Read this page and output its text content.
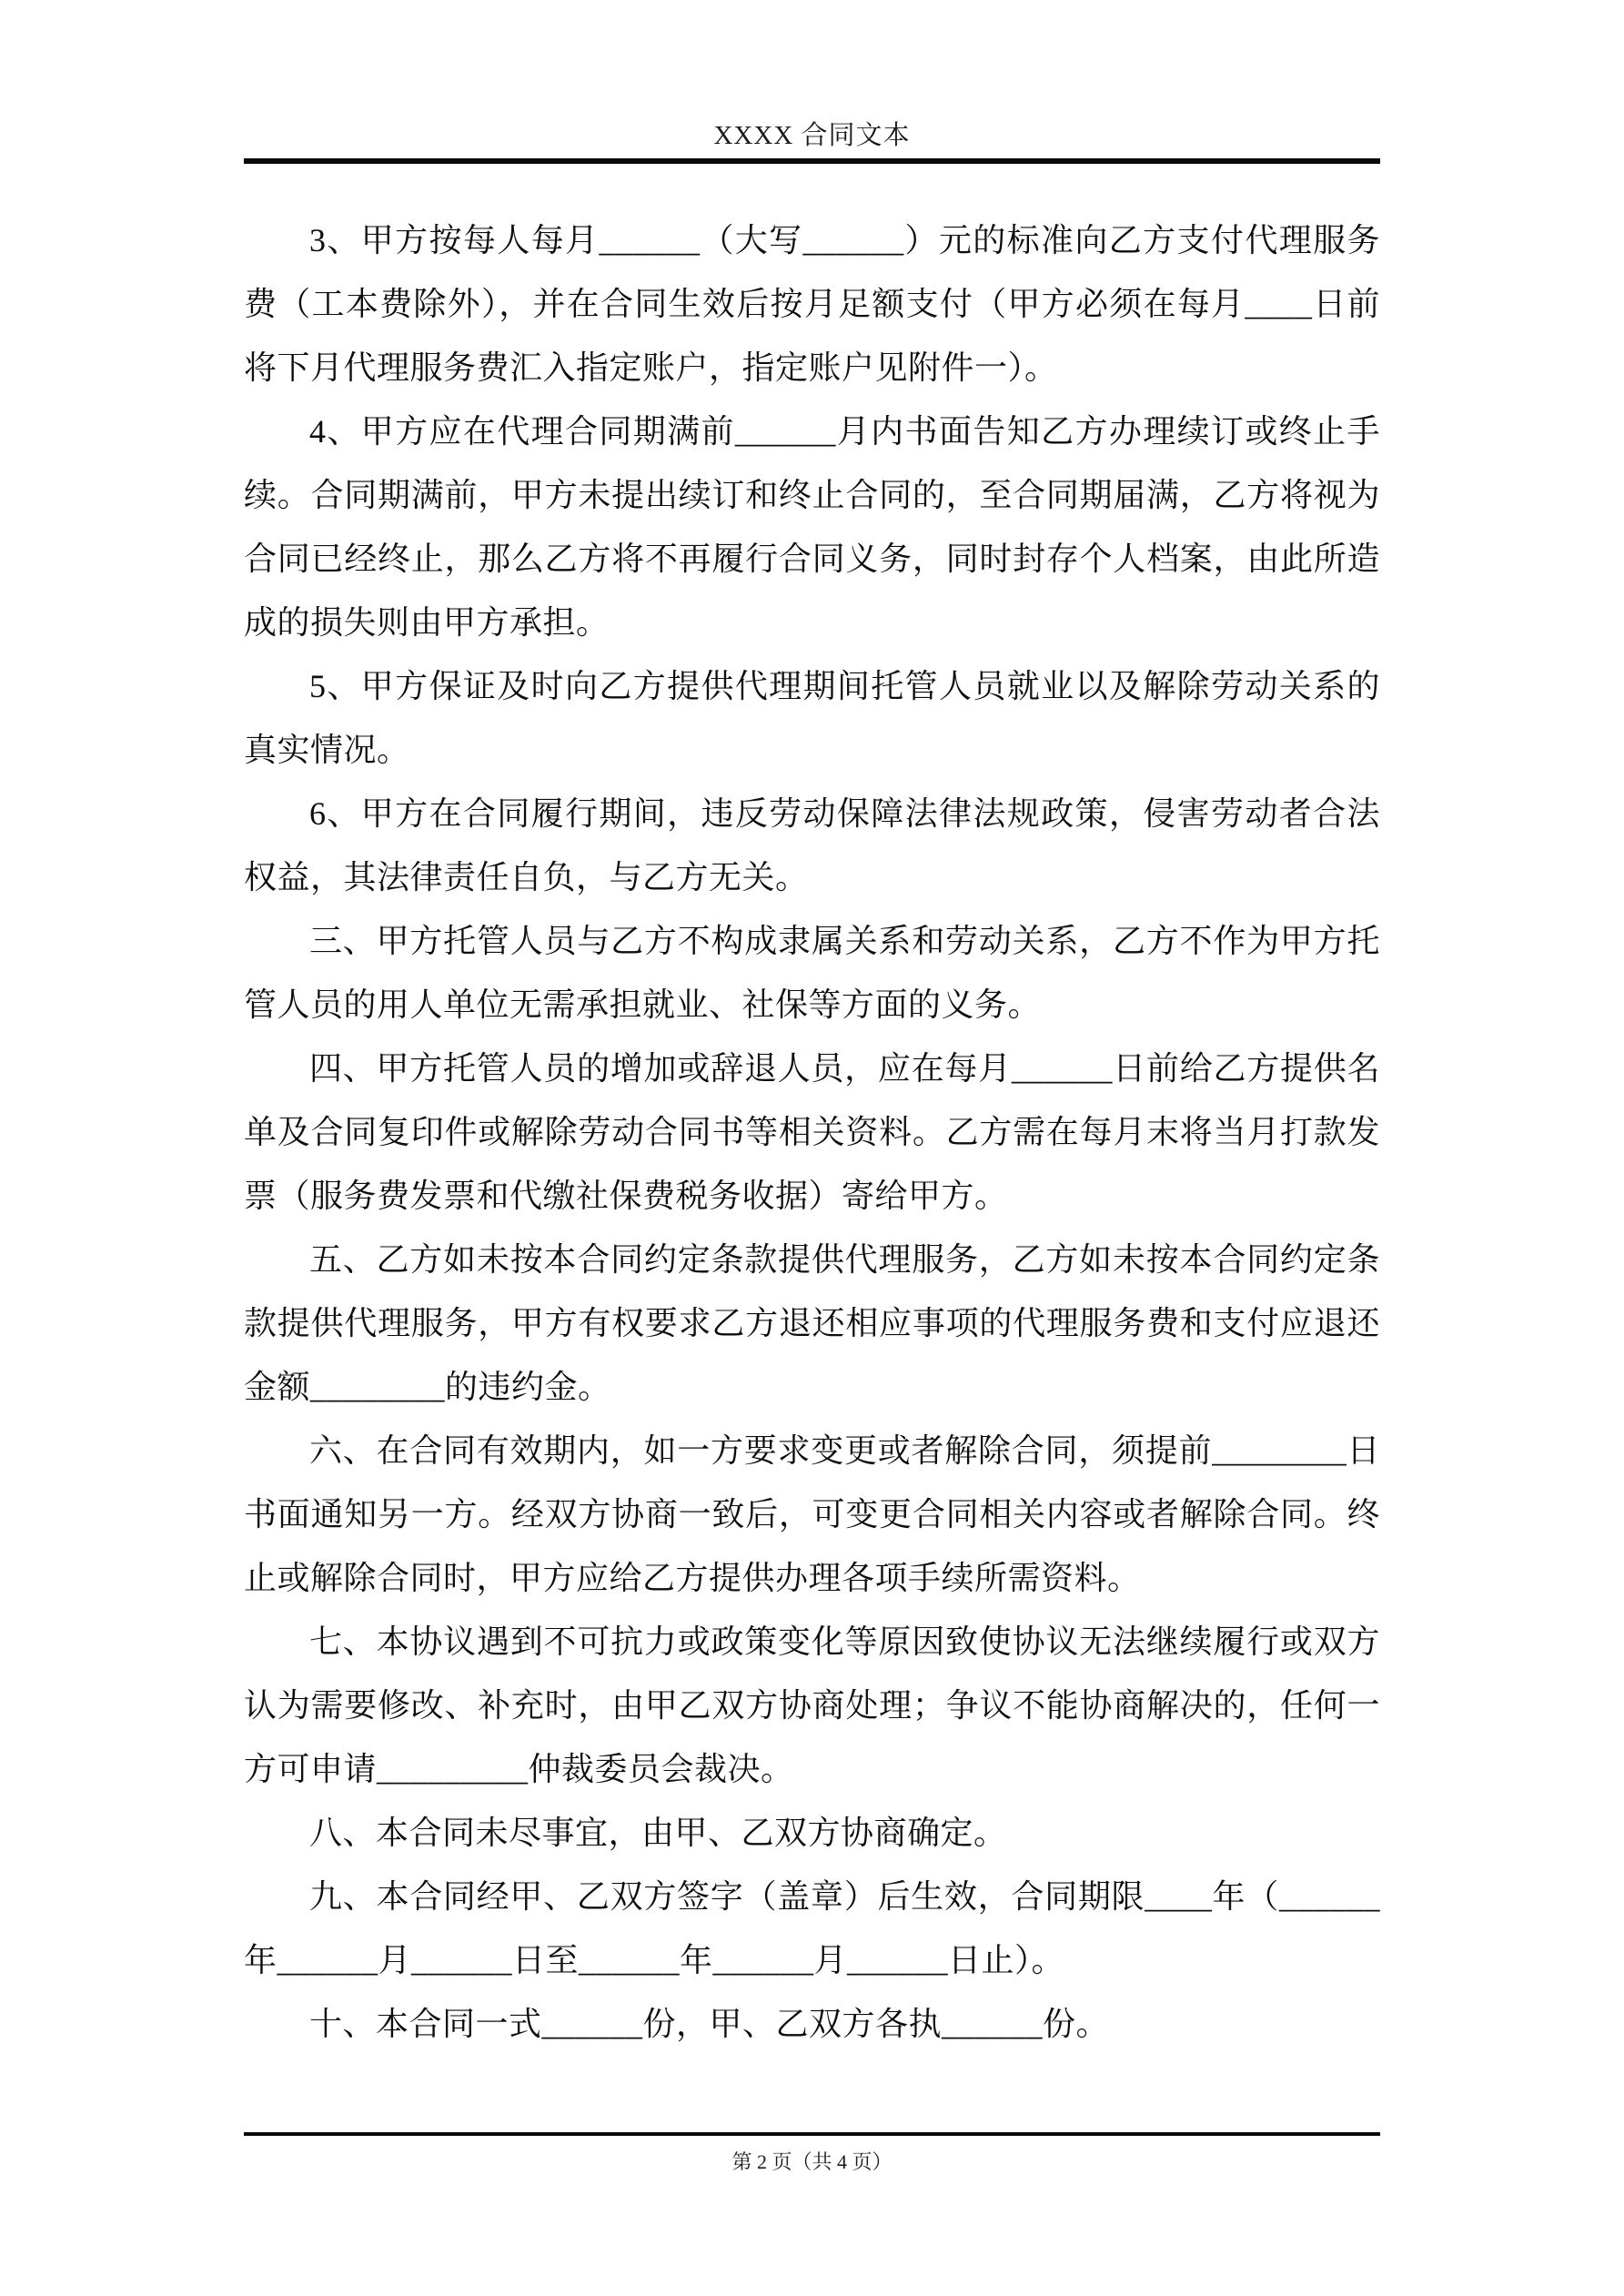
XXXX 合同文本

3、甲方按每人每月______（大写______）元的标准向乙方支付代理服务费（工本费除外），并在合同生效后按月足额支付（甲方必须在每月____日前将下月代理服务费汇入指定账户，指定账户见附件一）。

4、甲方应在代理合同期满前______月内书面告知乙方办理续订或终止手续。合同期满前，甲方未提出续订和终止合同的，至合同期届满，乙方将视为合同已经终止，那么乙方将不再履行合同义务，同时封存个人档案，由此所造成的损失则由甲方承担。

5、甲方保证及时向乙方提供代理期间托管人员就业以及解除劳动关系的真实情况。

6、甲方在合同履行期间，违反劳动保障法律法规政策，侵害劳动者合法权益，其法律责任自负，与乙方无关。

三、甲方托管人员与乙方不构成隶属关系和劳动关系，乙方不作为甲方托管人员的用人单位无需承担就业、社保等方面的义务。

四、甲方托管人员的增加或辞退人员，应在每月______日前给乙方提供名单及合同复印件或解除劳动合同书等相关资料。乙方需在每月末将当月打款发票（服务费发票和代缴社保费税务收据）寄给甲方。

五、乙方如未按本合同约定条款提供代理服务，乙方如未按本合同约定条款提供代理服务，甲方有权要求乙方退还相应事项的代理服务费和支付应退还金额________的违约金。

六、在合同有效期内，如一方要求变更或者解除合同，须提前________日书面通知另一方。经双方协商一致后，可变更合同相关内容或者解除合同。终止或解除合同时，甲方应给乙方提供办理各项手续所需资料。

七、本协议遇到不可抗力或政策变化等原因致使协议无法继续履行或双方认为需要修改、补充时，由甲乙双方协商处理；争议不能协商解决的，任何一方可申请_________仲裁委员会裁决。

八、本合同未尽事宜，由甲、乙双方协商确定。

九、本合同经甲、乙双方签字（盖章）后生效，合同期限____年（______年______月______日至______年______月______日止）。

十、本合同一式______份，甲、乙双方各执______份。

第 2 页（共 4 页）
